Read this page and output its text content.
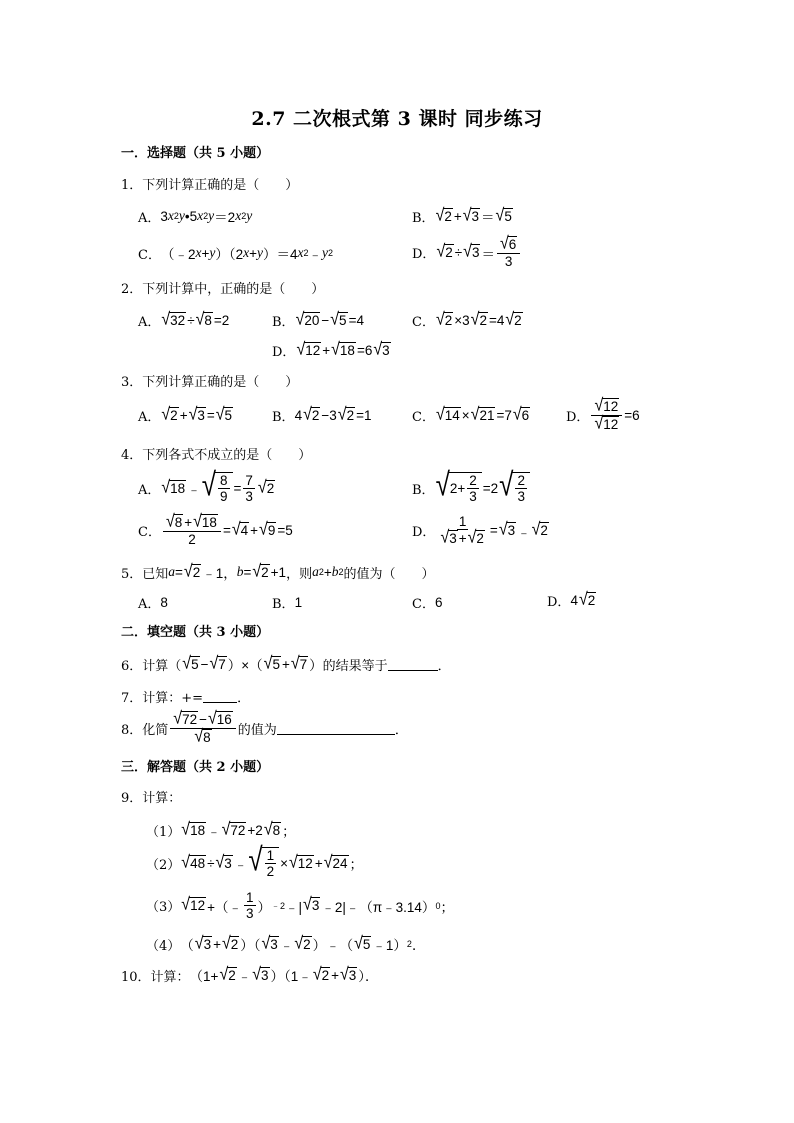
2.7 二次根式第 3 课时 同步练习
一．选择题（共 5 小题）
1．下列计算正确的是（　　）
A． 3 x 2 y •5 x 2 y ＝2 x 2 y	B． √ 2 + √ 3 ＝ √ 5
C． （﹣2 x + y ）（2 x + y ）＝4 x 2 ﹣ y 2	D． √ 2 ÷ √ $3 = \frac{√ 6}{3}$
2．下列计算中，正确的是（　　）
A． √ 32 ÷ √ 8 =2	B． √ 20 − √ 5 =4	C． √ 2 ×3 √ 2 =4 √ 2
D． √ 12 + √ 18 =6 √ 3
3．下列计算正确的是（　　）
A． √ 2 + √ 3 = √ 5	B． 4 √ 2 −3 √ 2 =1	C． √ 14 × √ 21 =7 √ 6	D． $\frac{√ 12}{√ 12} =6$
4．下列各式不成立的是（　　）
A． √ 18 ﹣ √ $\frac{8}{9} = \frac{7}{3}$ √ 2	B． √ $2+ \frac{2}{3} =2$ √ $\frac{2}{3}$
C． $\frac{√ 8 + √ 18}{2}$ = √ 4 + √ 9 =5	D． $\frac{1}{√ 3 + √ 2}$ = √ 3 ﹣ √ 2
5．已知 a = √ 2 ﹣1， b = √ 2 +1 ，则 a 2 + b 2 的值为（　　）
A． 8	B． 1	C． 6	D． 4 √ 2
二．填空题（共 3 小题）
6．计算（ √ 5 − √ 7 ）×（ √ 5 + √ 7 ） 的结果等于	．
7．计算：+=	．
8．化简 $\frac{√ 72 - √ 16}{√ 8}$ 的值为	．
三．解答题（共 2 小题）
9．计算：
（1） √ 18 ﹣ √ 72 +2 √ 8 ；
（2） √ 48 ÷ √ 3 ﹣ √ $\frac{1}{2}$ × √ 12 + √ 24 ；
（3） √ 12 +（﹣ $\frac{1}{3}$ ） ﹣2 ﹣| √ 3 ﹣2|﹣（π﹣3.14） 0 ；
（4） （ √ 3 + √ 2 ）（ √ 3 ﹣ √ 2 ）﹣（ √ 5 ﹣1） 2 ．
10．计算： （1+ √ 2 ﹣ √ 3 ）（1﹣ √ 2 + √ 3 ）．
